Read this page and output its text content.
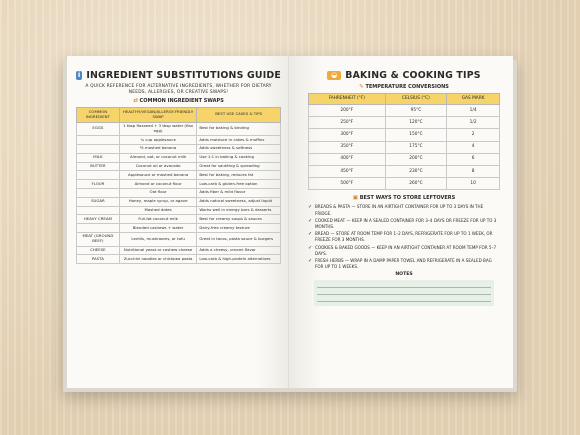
i INGREDIENT SUBSTITUTIONS GUIDE
A QUICK REFERENCE FOR ALTERNATIVE INGREDIENTS, WHETHER FOR DIETARY NEEDS, ALLERGIES, OR CREATIVE SWAPS!
⇄ COMMON INGREDIENT SWAPS
COMMON INGREDIENT	HEALTHY/VEGAN/ALLERGY-FRIENDLY SWAP	BEST USE CASES & TIPS
EGGS	1 tbsp flaxseed + 3 tbsp water (flax egg)	Best for baking & binding
	¼ cup applesauce	Adds moisture in cakes & muffins
	½ mashed banana	Adds sweetness & softness
MILK	Almond, oat, or coconut milk	Use 1:1 in baking & cooking
BUTTER	Coconut oil or avocado	Great for sautéing & spreading
	Applesauce or mashed banana	Best for baking, reduces fat
FLOUR	Almond or coconut flour	Low-carb & gluten-free option
	Oat flour	Adds fiber & mild flavor
SUGAR	Honey, maple syrup, or agave	Adds natural sweetness, adjust liquid
	Mashed dates	Works well in energy bars & desserts
HEAVY CREAM	Full-fat coconut milk	Best for creamy soups & sauces
	Blended cashews + water	Dairy-free creamy texture
MEAT (GROUND BEEF)	Lentils, mushrooms, or tofu	Great in tacos, pasta sauce & burgers
CHEESE	Nutritional yeast or cashew cheese	Adds a cheesy, umami flavor
PASTA	Zucchini noodles or chickpea pasta	Low-carb & high-protein alternatives
◒ BAKING & COOKING TIPS
✎ TEMPERATURE CONVERSIONS
FAHRENHEIT (°F)	CELSIUS (°C)	GAS MARK
200°F	95°C	1/4
250°F	120°C	1/2
300°F	150°C	2
350°F	175°C	4
400°F	200°C	6
450°F	230°C	8
500°F	260°C	10
▣ BEST WAYS TO STORE LEFTOVERS
✓ BREADS & PASTA — STORE IN AN AIRTIGHT CONTAINER FOR UP TO 3 DAYS IN THE FRIDGE.
✓ COOKED MEAT — KEEP IN A SEALED CONTAINER FOR 3–4 DAYS OR FREEZE FOR UP TO 3 MONTHS.
✓ BREAD — STORE AT ROOM TEMP FOR 1–2 DAYS, REFRIGERATE FOR UP TO 1 WEEK, OR FREEZE FOR 3 MONTHS.
✓ COOKIES & BAKED GOODS — KEEP IN AN AIRTIGHT CONTAINER AT ROOM TEMP FOR 5–7 DAYS.
✓ FRESH HERBS — WRAP IN A DAMP PAPER TOWEL AND REFRIGERATE IN A SEALED BAG FOR UP TO 1 WEEKS.
NOTES
